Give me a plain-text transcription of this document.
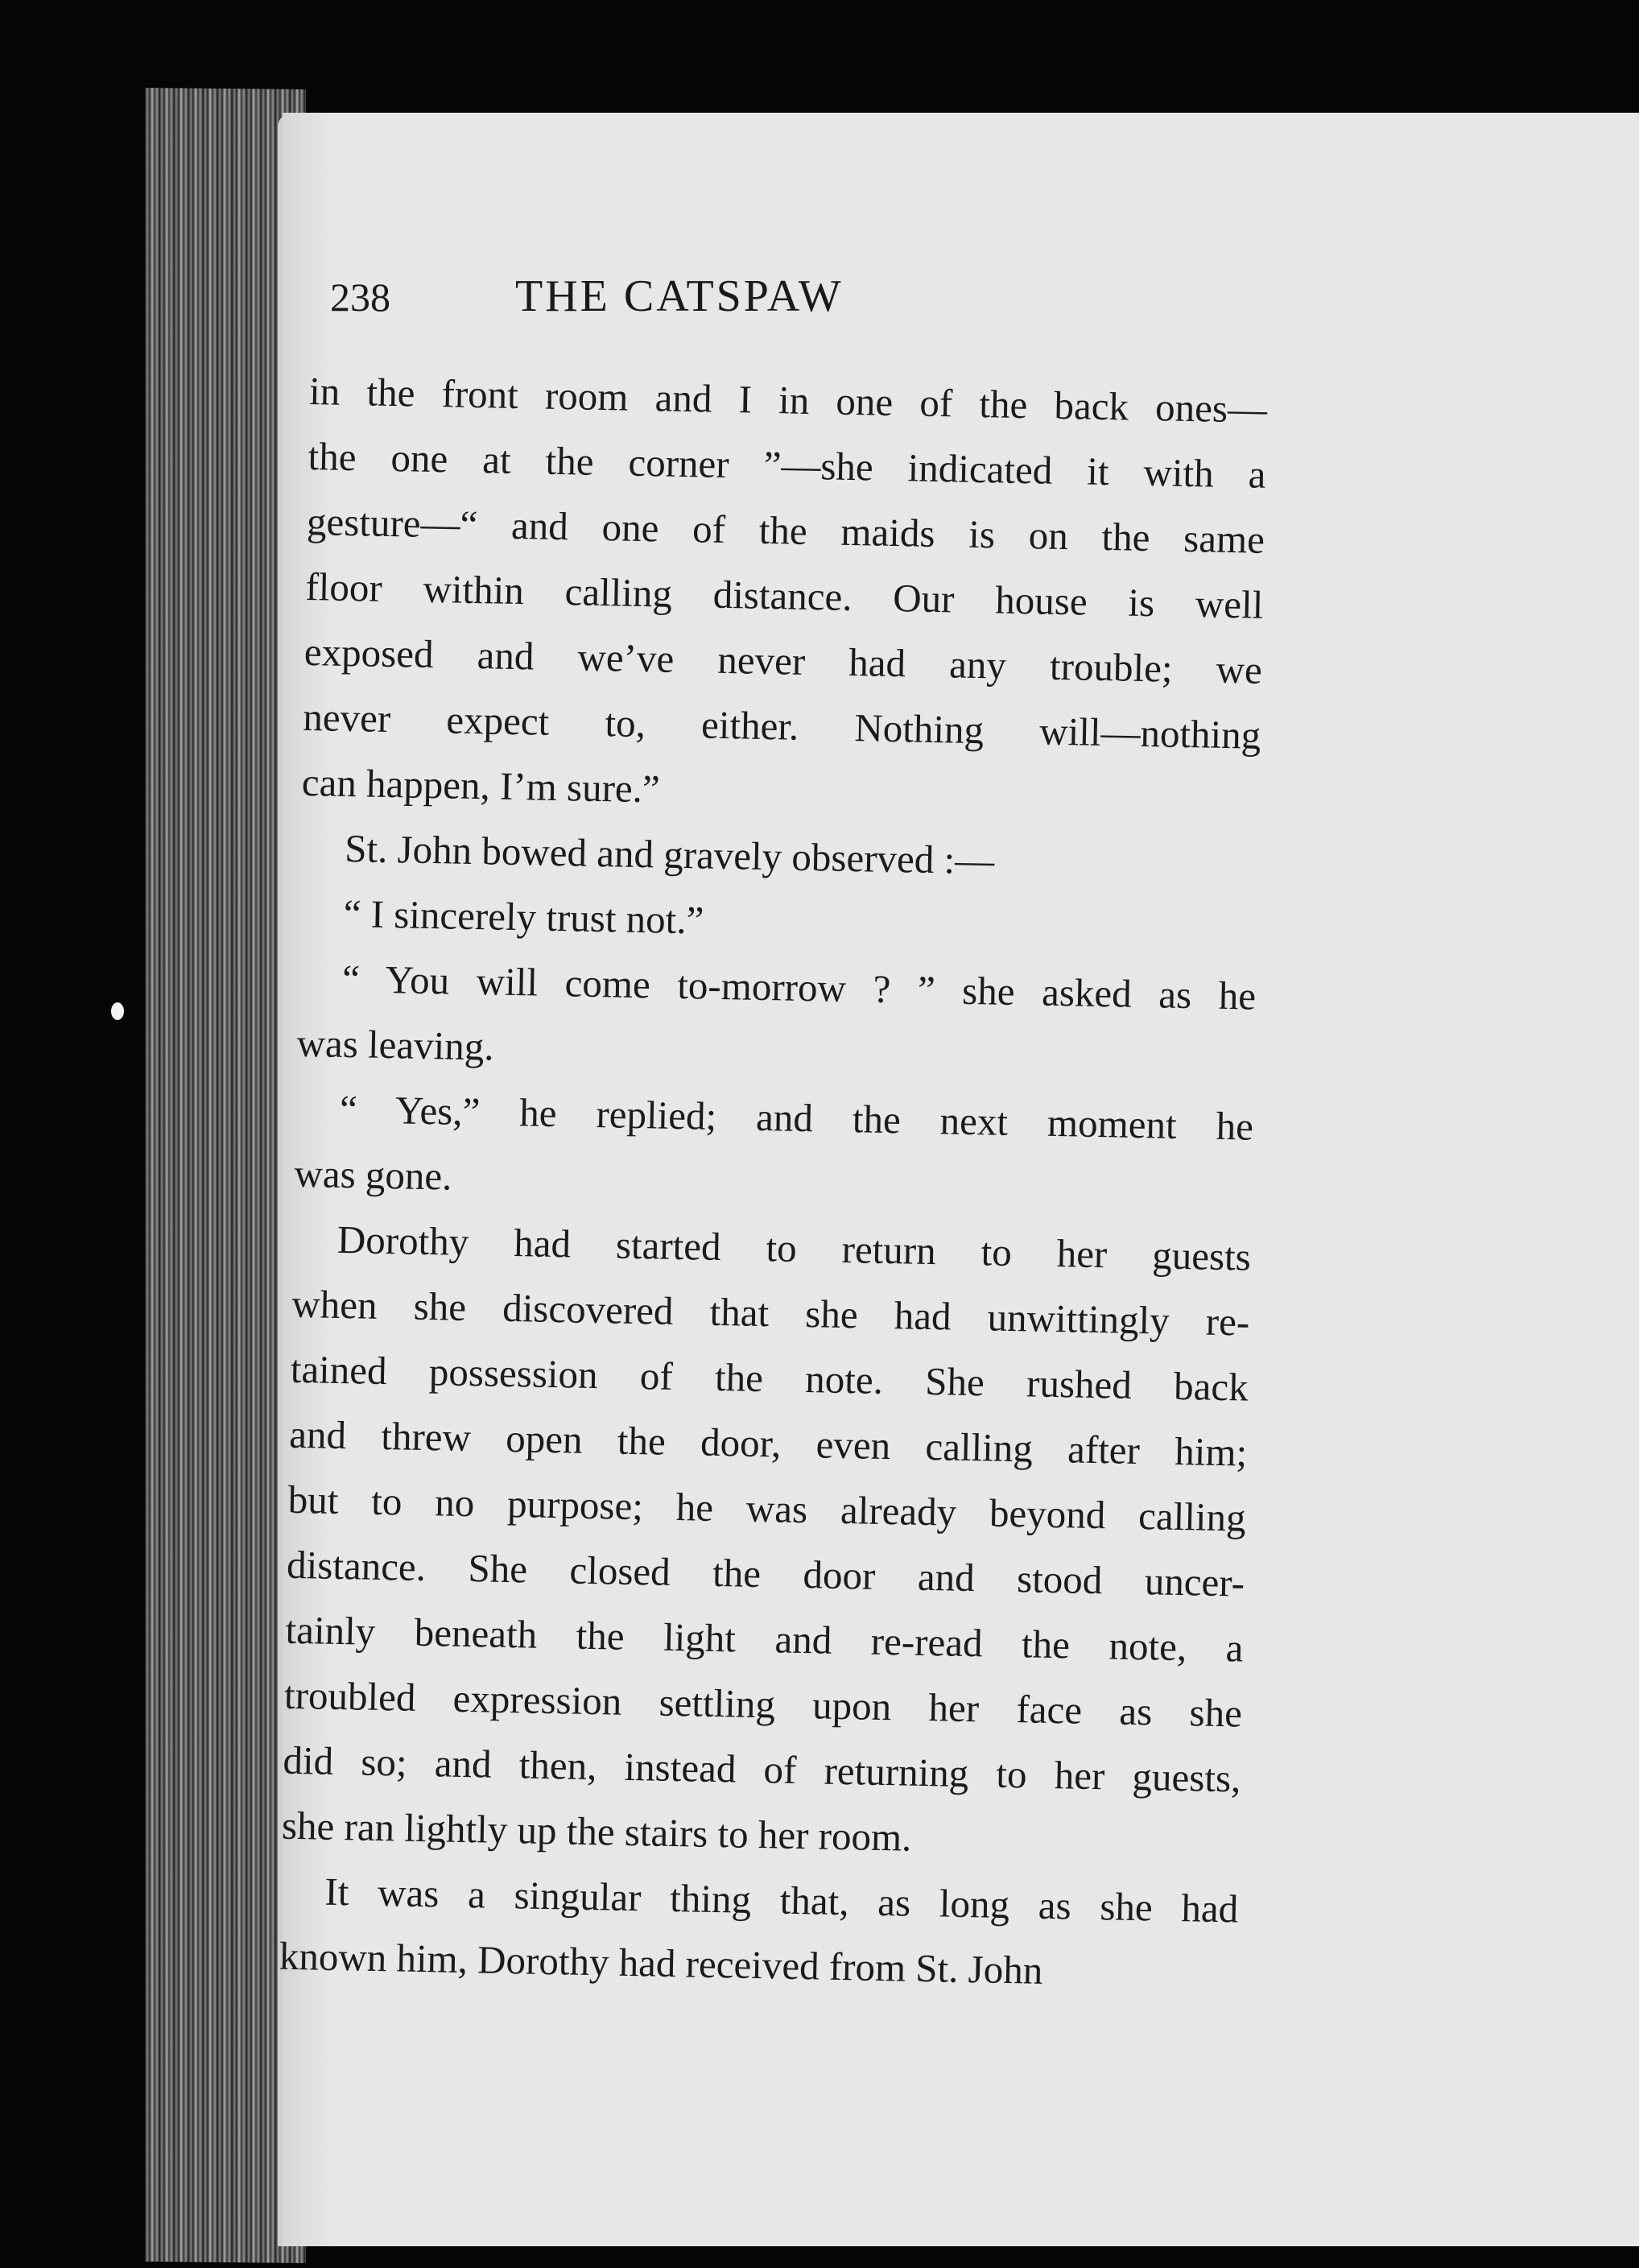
238	THE CATSPAW
in the front room and I in one of the back ones—
the one at the corner ”—she indicated it with a
gesture—“ and one of the maids is on the same
floor within calling distance. Our house is well
exposed and we’ve never had any trouble; we
never expect to, either. Nothing will—nothing
can happen, I’m sure.”
St. John bowed and gravely observed :—
“ I sincerely trust not.”
“ You will come to-morrow ? ” she asked as he
was leaving.
“ Yes,” he replied; and the next moment he
was gone.
Dorothy had started to return to her guests
when she discovered that she had unwittingly re-
tained possession of the note. She rushed back
and threw open the door, even calling after him;
but to no purpose; he was already beyond calling
distance. She closed the door and stood uncer-
tainly beneath the light and re-read the note, a
troubled expression settling upon her face as she
did so; and then, instead of returning to her guests,
she ran lightly up the stairs to her room.
It was a singular thing that, as long as she had
known him, Dorothy had received from St. John
